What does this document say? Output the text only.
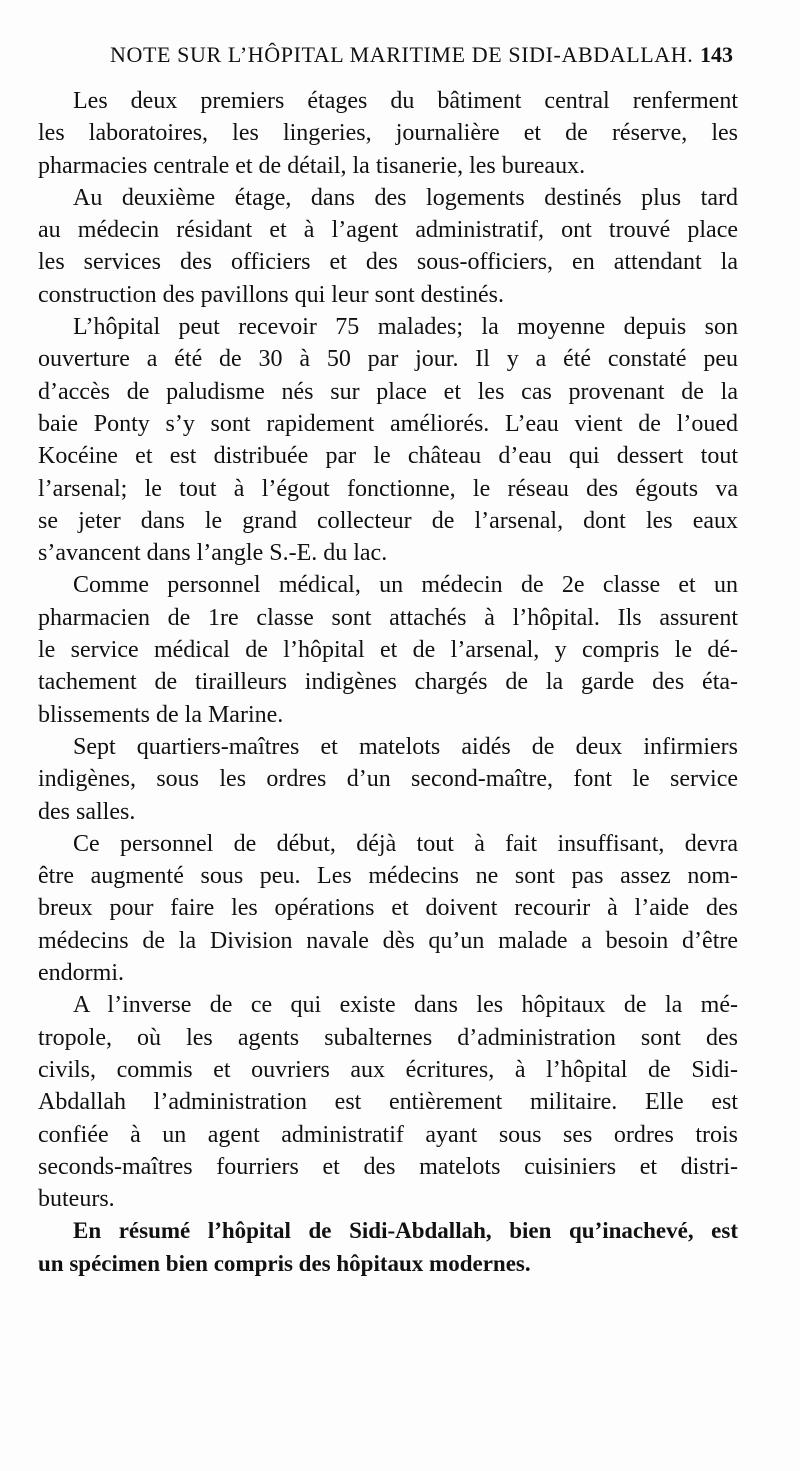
NOTE SUR L’HÔPITAL MARITIME DE SIDI-ABDALLAH. 143
Les deux premiers étages du bâtiment central renferment
les laboratoires, les lingeries, journalière et de réserve, les
pharmacies centrale et de détail, la tisanerie, les bureaux.
Au deuxième étage, dans des logements destinés plus tard
au médecin résidant et à l’agent administratif, ont trouvé place
les services des officiers et des sous-officiers, en attendant la
construction des pavillons qui leur sont destinés.
L’hôpital peut recevoir 75 malades; la moyenne depuis son
ouverture a été de 30 à 50 par jour. Il y a été constaté peu
d’accès de paludisme nés sur place et les cas provenant de la
baie Ponty s’y sont rapidement améliorés. L’eau vient de l’oued
Kocéine et est distribuée par le château d’eau qui dessert tout
l’arsenal; le tout à l’égout fonctionne, le réseau des égouts va
se jeter dans le grand collecteur de l’arsenal, dont les eaux
s’avancent dans l’angle S.-E. du lac.
Comme personnel médical, un médecin de 2e classe et un
pharmacien de 1re classe sont attachés à l’hôpital. Ils assurent
le service médical de l’hôpital et de l’arsenal, y compris le dé-
tachement de tirailleurs indigènes chargés de la garde des éta-
blissements de la Marine.
Sept quartiers-maîtres et matelots aidés de deux infirmiers
indigènes, sous les ordres d’un second-maître, font le service
des salles.
Ce personnel de début, déjà tout à fait insuffisant, devra
être augmenté sous peu. Les médecins ne sont pas assez nom-
breux pour faire les opérations et doivent recourir à l’aide des
médecins de la Division navale dès qu’un malade a besoin d’être
endormi.
A l’inverse de ce qui existe dans les hôpitaux de la mé-
tropole, où les agents subalternes d’administration sont des
civils, commis et ouvriers aux écritures, à l’hôpital de Sidi-
Abdallah l’administration est entièrement militaire. Elle est
confiée à un agent administratif ayant sous ses ordres trois
seconds-maîtres fourriers et des matelots cuisiniers et distri-
buteurs.
En résumé l’hôpital de Sidi-Abdallah, bien qu’inachevé, est
un spécimen bien compris des hôpitaux modernes.
